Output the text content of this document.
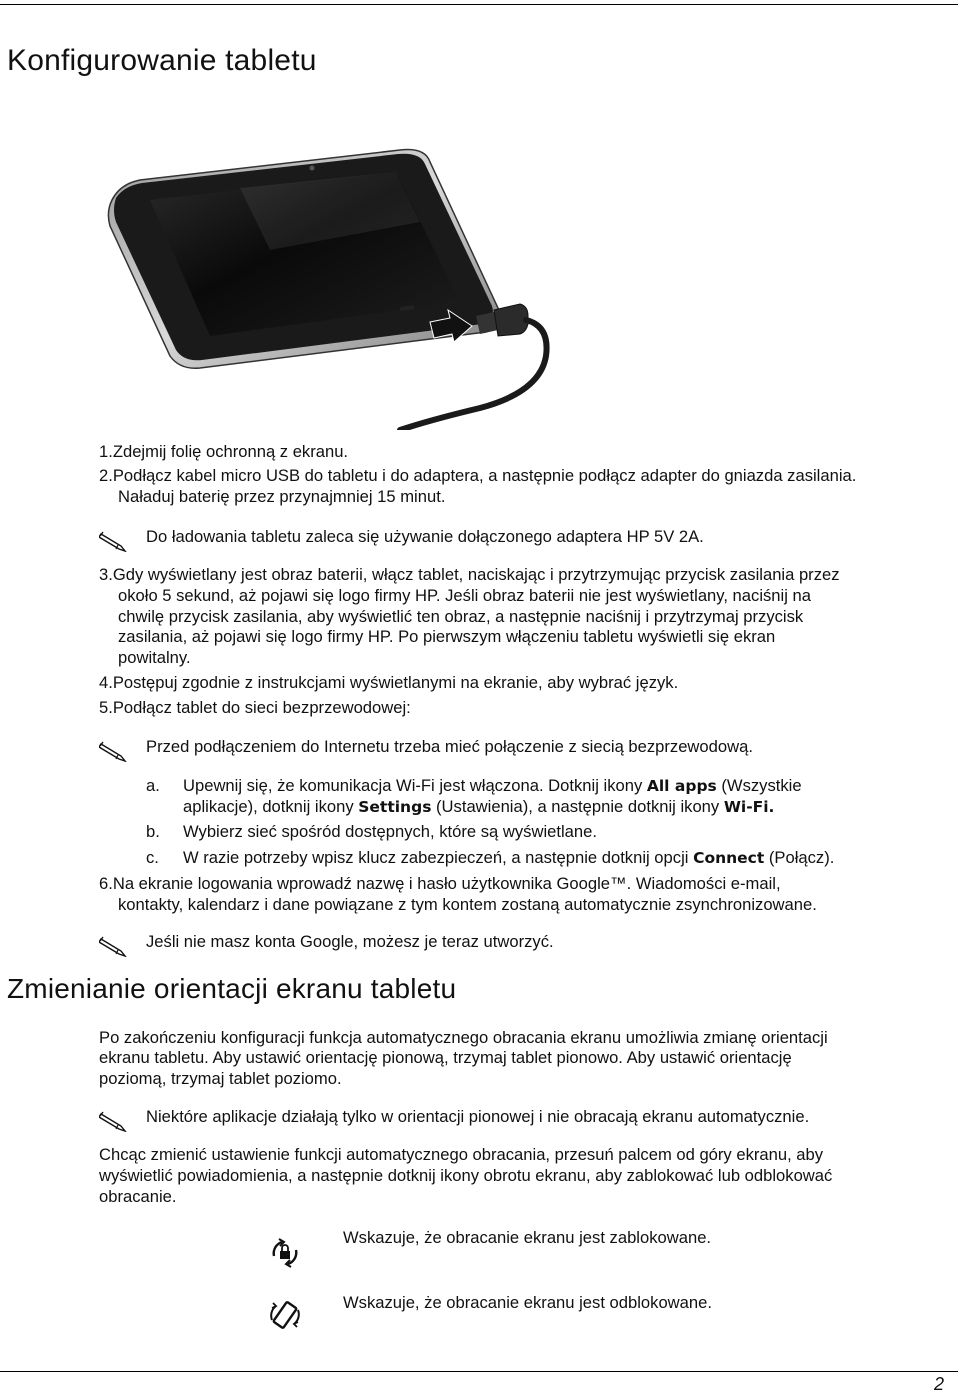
Konfigurowanie tabletu
1.Zdejmij folię ochronną z ekranu.
2.Podłącz kabel micro USB do tabletu i do adaptera, a następnie podłącz adapter do gniazda zasilania.
Naładuj baterię przez przynajmniej 15 minut.
Do ładowania tabletu zaleca się używanie dołączonego adaptera HP 5V 2A.
3.Gdy wyświetlany jest obraz baterii, włącz tablet, naciskając i przytrzymując przycisk zasilania przez
około 5 sekund, aż pojawi się logo firmy HP. Jeśli obraz baterii nie jest wyświetlany, naciśnij na
chwilę przycisk zasilania, aby wyświetlić ten obraz, a następnie naciśnij i przytrzymaj przycisk
zasilania, aż pojawi się logo firmy HP. Po pierwszym włączeniu tabletu wyświetli się ekran
powitalny.
4.Postępuj zgodnie z instrukcjami wyświetlanymi na ekranie, aby wybrać język.
5.Podłącz tablet do sieci bezprzewodowej:
Przed podłączeniem do Internetu trzeba mieć połączenie z siecią bezprzewodową.
a. Upewnij się, że komunikacja Wi-Fi jest włączona. Dotknij ikony All apps (Wszystkie
aplikacje), dotknij ikony Settings (Ustawienia), a następnie dotknij ikony Wi-Fi.
b. Wybierz sieć spośród dostępnych, które są wyświetlane.
c. W razie potrzeby wpisz klucz zabezpieczeń, a następnie dotknij opcji Connect (Połącz).
6.Na ekranie logowania wprowadź nazwę i hasło użytkownika Google™. Wiadomości e-mail,
kontakty, kalendarz i dane powiązane z tym kontem zostaną automatycznie zsynchronizowane.
Jeśli nie masz konta Google, możesz je teraz utworzyć.
Zmienianie orientacji ekranu tabletu
Po zakończeniu konfiguracji funkcja automatycznego obracania ekranu umożliwia zmianę orientacji
ekranu tabletu. Aby ustawić orientację pionową, trzymaj tablet pionowo. Aby ustawić orientację
poziomą, trzymaj tablet poziomo.
Niektóre aplikacje działają tylko w orientacji pionowej i nie obracają ekranu automatycznie.
Chcąc zmienić ustawienie funkcji automatycznego obracania, przesuń palcem od góry ekranu, aby
wyświetlić powiadomienia, a następnie dotknij ikony obrotu ekranu, aby zablokować lub odblokować
obracanie.
Wskazuje, że obracanie ekranu jest zablokowane.
Wskazuje, że obracanie ekranu jest odblokowane.
2
